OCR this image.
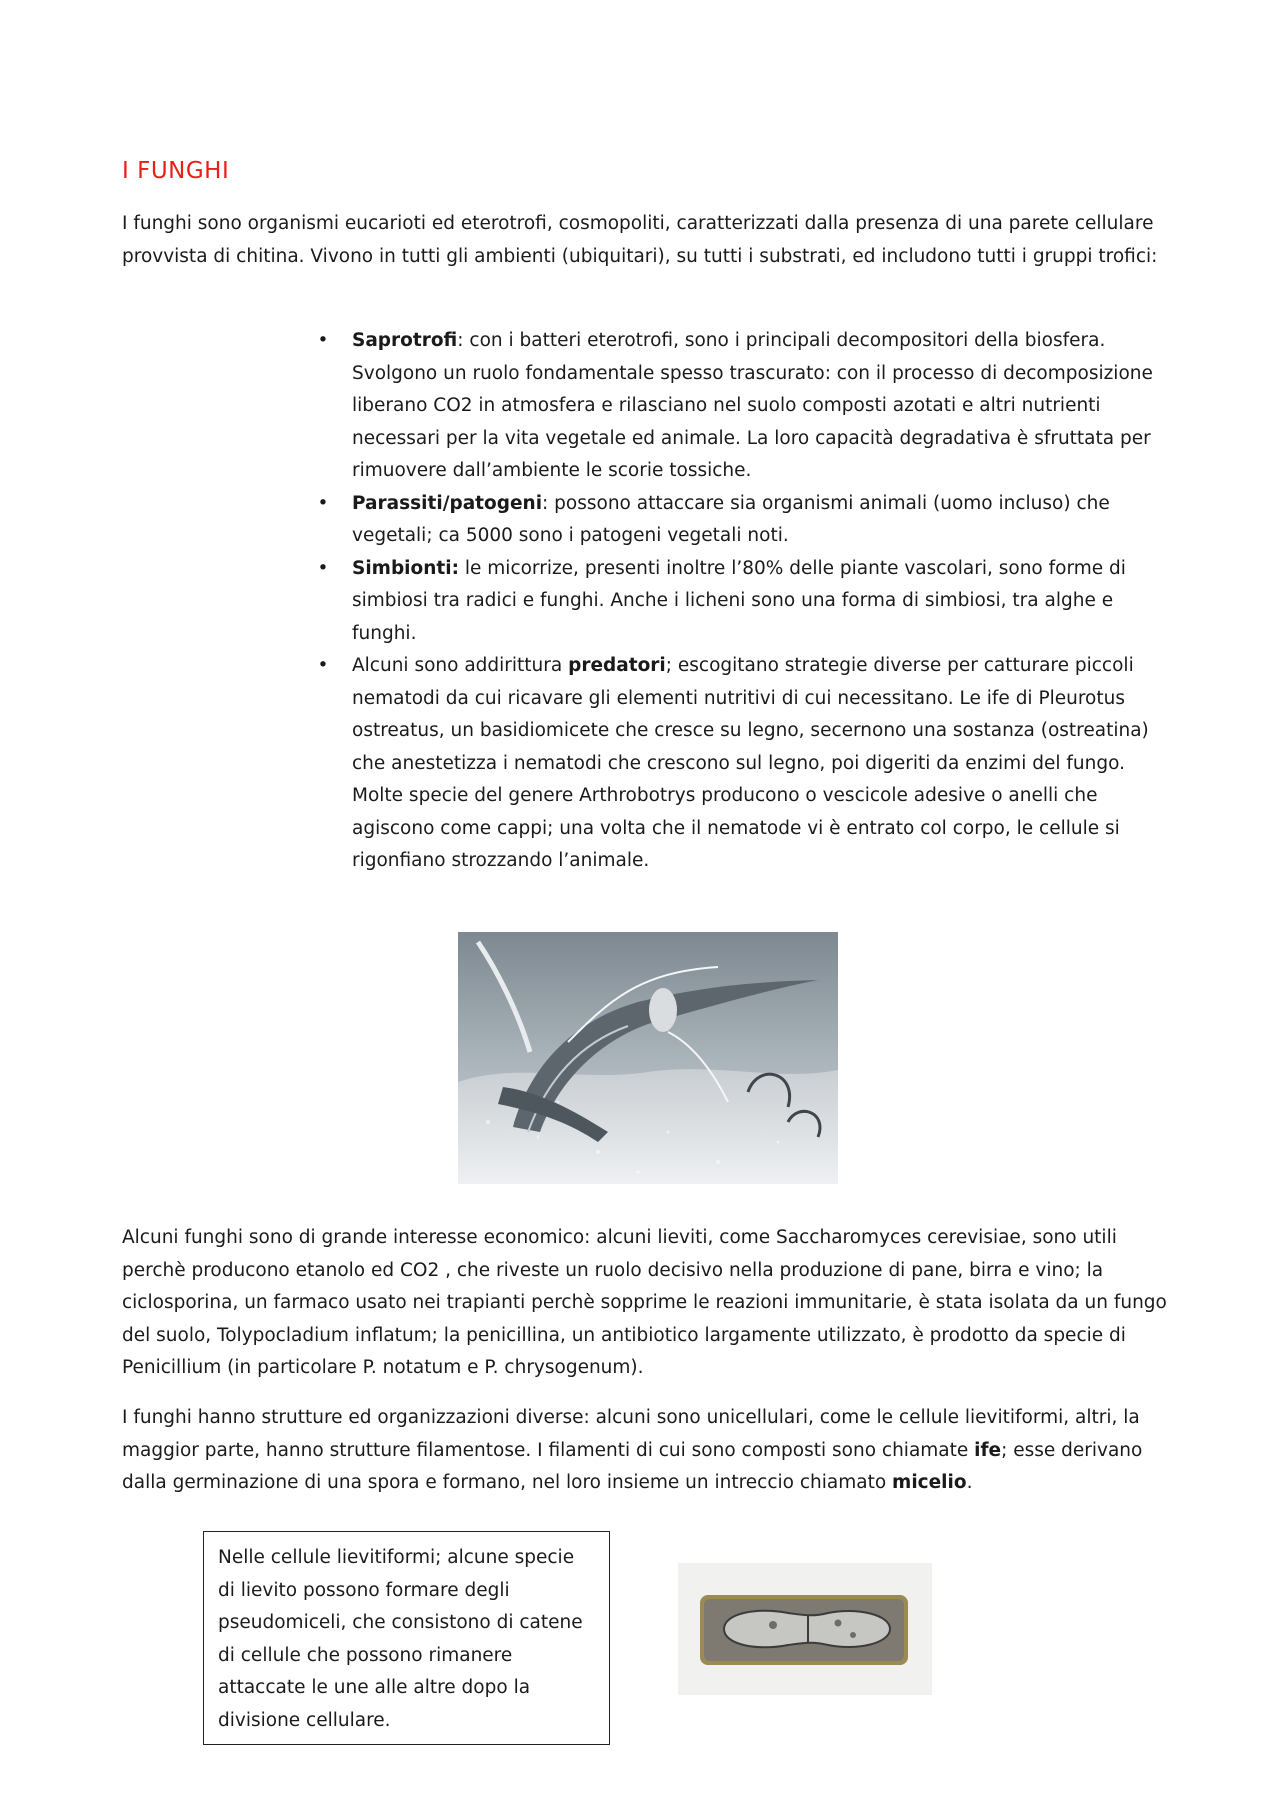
I FUNGHI

I funghi sono organismi eucarioti ed eterotrofi, cosmopoliti, caratterizzati dalla presenza di una parete cellulare provvista di chitina. Vivono in tutti gli ambienti (ubiquitari), su tutti i substrati, ed includono tutti i gruppi trofici:

• Saprotrofi: con i batteri eterotrofi, sono i principali decompositori della biosfera. Svolgono un ruolo fondamentale spesso trascurato: con il processo di decomposizione liberano CO2 in atmosfera e rilasciano nel suolo composti azotati e altri nutrienti necessari per la vita vegetale ed animale. La loro capacità degradativa è sfruttata per rimuovere dall’ambiente le scorie tossiche.
• Parassiti/patogeni: possono attaccare sia organismi animali (uomo incluso) che vegetali; ca 5000 sono i patogeni vegetali noti.
• Simbionti: le micorrize, presenti inoltre l’80% delle piante vascolari, sono forme di simbiosi tra radici e funghi. Anche i licheni sono una forma di simbiosi, tra alghe e funghi.
• Alcuni sono addirittura predatori; escogitano strategie diverse per catturare piccoli nematodi da cui ricavare gli elementi nutritivi di cui necessitano. Le ife di Pleurotus ostreatus, un basidiomicete che cresce su legno, secernono una sostanza (ostreatina) che anestetizza i nematodi che crescono sul legno, poi digeriti da enzimi del fungo.
Molte specie del genere Arthrobotrys producono o vescicole adesive o anelli che agiscono come cappi; una volta che il nematode vi è entrato col corpo, le cellule si rigonfiano strozzando l’animale.

Alcuni funghi sono di grande interesse economico: alcuni lieviti, come Saccharomyces cerevisiae, sono utili perchè producono etanolo ed CO2 , che riveste un ruolo decisivo nella produzione di pane, birra e vino; la ciclosporina, un farmaco usato nei trapianti perchè sopprime le reazioni immunitarie, è stata isolata da un fungo del suolo, Tolypocladium inflatum; la penicillina, un antibiotico largamente utilizzato, è prodotto da specie di Penicillium (in particolare P. notatum e P. chrysogenum).

I funghi hanno strutture ed organizzazioni diverse: alcuni sono unicellulari, come le cellule lievitiformi, altri, la maggior parte, hanno strutture filamentose. I filamenti di cui sono composti sono chiamate ife; esse derivano dalla germinazione di una spora e formano, nel loro insieme un intreccio chiamato micelio.

Nelle cellule lievitiformi; alcune specie di lievito possono formare degli pseudomiceli, che consistono di catene di cellule che possono rimanere attaccate le une alle altre dopo la divisione cellulare.
